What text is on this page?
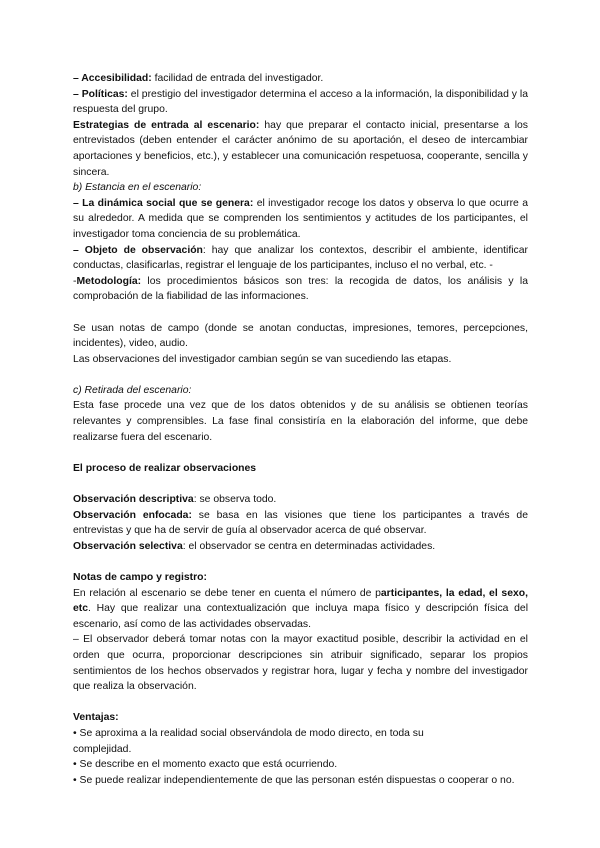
– Accesibilidad: facilidad de entrada del investigador.

– Políticas: el prestigio del investigador determina el acceso a la información, la disponibilidad y la respuesta del grupo.

Estrategias de entrada al escenario: hay que preparar el contacto inicial, presentarse a los entrevistados (deben entender el carácter anónimo de su aportación, el deseo de intercambiar aportaciones y beneficios, etc.), y establecer una comunicación respetuosa, cooperante, sencilla y sincera.

b) Estancia en el escenario:

– La dinámica social que se genera: el investigador recoge los datos y observa lo que ocurre a su alrededor. A medida que se comprenden los sentimientos y actitudes de los participantes, el investigador toma conciencia de su problemática.

– Objeto de observación: hay que analizar los contextos, describir el ambiente, identificar conductas, clasificarlas, registrar el lenguaje de los participantes, incluso el no verbal, etc. -

-Metodología: los procedimientos básicos son tres: la recogida de datos, los análisis y la comprobación de la fiabilidad de las informaciones.

Se usan notas de campo (donde se anotan conductas, impresiones, temores, percepciones, incidentes), video, audio.

Las observaciones del investigador cambian según se van sucediendo las etapas.

c) Retirada del escenario:

Esta fase procede una vez que de los datos obtenidos y de su análisis se obtienen teorías relevantes y comprensibles. La fase final consistiría en la elaboración del informe, que debe realizarse fuera del escenario.

El proceso de realizar observaciones

Observación descriptiva: se observa todo.

Observación enfocada: se basa en las visiones que tiene los participantes a través de entrevistas y que ha de servir de guía al observador acerca de qué observar.

Observación selectiva: el observador se centra en determinadas actividades.

Notas de campo y registro:

En relación al escenario se debe tener en cuenta el número de participantes, la edad, el sexo, etc. Hay que realizar una contextualización que incluya mapa físico y descripción física del escenario, así como de las actividades observadas.

– El observador deberá tomar notas con la mayor exactitud posible, describir la actividad en el orden que ocurra, proporcionar descripciones sin atribuir significado, separar los propios sentimientos de los hechos observados y registrar hora, lugar y fecha y nombre del investigador que realiza la observación.

Ventajas:

• Se aproxima a la realidad social observándola de modo directo, en toda su

complejidad.

• Se describe en el momento exacto que está ocurriendo.

• Se puede realizar independientemente de que las personan estén dispuestas o cooperar o no.
